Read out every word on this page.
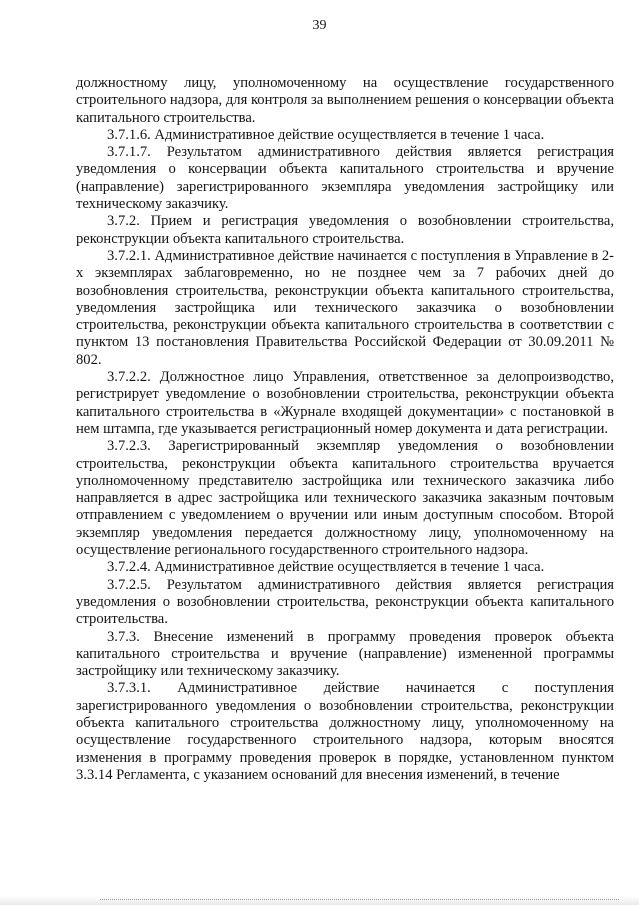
39

должностному лицу, уполномоченному на осуществление государственного строительного надзора, для контроля за выполнением решения о консервации объекта капитального строительства.

3.7.1.6. Административное действие осуществляется в течение 1 часа.

3.7.1.7. Результатом административного действия является регистрация уведомления о консервации объекта капитального строительства и вручение (направление) зарегистрированного экземпляра уведомления застройщику или техническому заказчику.

3.7.2. Прием и регистрация уведомления о возобновлении строительства, реконструкции объекта капитального строительства.

3.7.2.1. Административное действие начинается с поступления в Управление в 2-х экземплярах заблаговременно, но не позднее чем за 7 рабочих дней до возобновления строительства, реконструкции объекта капитального строительства, уведомления застройщика или технического заказчика о возобновлении строительства, реконструкции объекта капитального строительства в соответствии с пунктом 13 постановления Правительства Российской Федерации от 30.09.2011 № 802.

3.7.2.2. Должностное лицо Управления, ответственное за делопроизводство, регистрирует уведомление о возобновлении строительства, реконструкции объекта капитального строительства в «Журнале входящей документации» с постановкой в нем штампа, где указывается регистрационный номер документа и дата регистрации.

3.7.2.3. Зарегистрированный экземпляр уведомления о возобновлении строительства, реконструкции объекта капитального строительства вручается уполномоченному представителю застройщика или технического заказчика либо направляется в адрес застройщика или технического заказчика заказным почтовым отправлением с уведомлением о вручении или иным доступным способом. Второй экземпляр уведомления передается должностному лицу, уполномоченному на осуществление регионального государственного строительного надзора.

3.7.2.4. Административное действие осуществляется в течение 1 часа.

3.7.2.5. Результатом административного действия является регистрация уведомления о возобновлении строительства, реконструкции объекта капитального строительства.

3.7.3. Внесение изменений в программу проведения проверок объекта капитального строительства и вручение (направление) измененной программы застройщику или техническому заказчику.

3.7.3.1. Административное действие начинается с поступления зарегистрированного уведомления о возобновлении строительства, реконструкции объекта капитального строительства должностному лицу, уполномоченному на осуществление государственного строительного надзора, которым вносятся изменения в программу проведения проверок в порядке, установленном пунктом 3.3.14 Регламента, с указанием оснований для внесения изменений, в течение
